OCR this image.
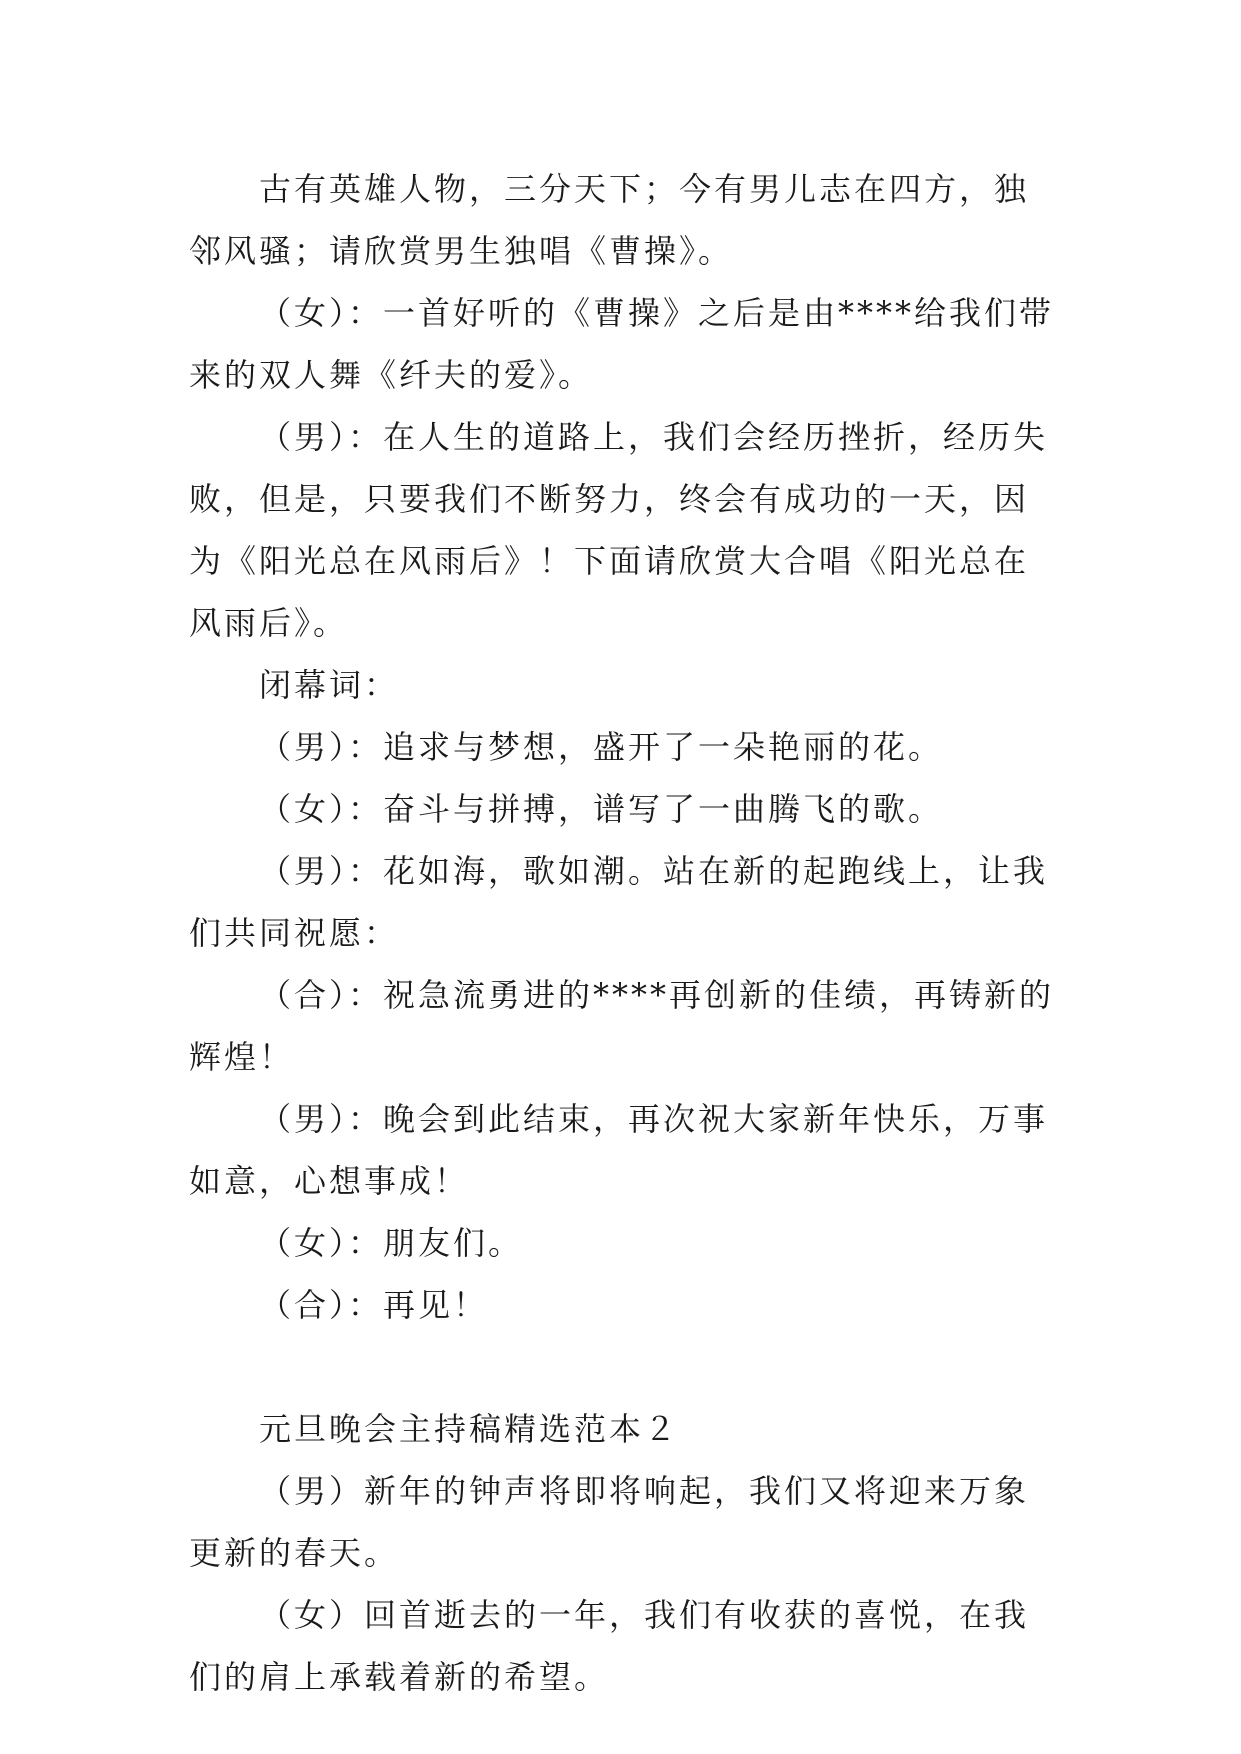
古有英雄人物，三分天下；今有男儿志在四方，独邻风骚；请欣赏男生独唱《曹操》。

（女）：一首好听的《曹操》之后是由****给我们带来的双人舞《纤夫的爱》。

（男）：在人生的道路上，我们会经历挫折，经历失败，但是，只要我们不断努力，终会有成功的一天，因为《阳光总在风雨后》！下面请欣赏大合唱《阳光总在风雨后》。

闭幕词：

（男）：追求与梦想，盛开了一朵艳丽的花。

（女）：奋斗与拼搏，谱写了一曲腾飞的歌。

（男）：花如海，歌如潮。站在新的起跑线上，让我们共同祝愿：

（合）：祝急流勇进的****再创新的佳绩，再铸新的辉煌！

（男）：晚会到此结束，再次祝大家新年快乐，万事如意，心想事成！

（女）：朋友们。

（合）：再见！

元旦晚会主持稿精选范本２

（男）新年的钟声将即将响起，我们又将迎来万象更新的春天。

（女）回首逝去的一年，我们有收获的喜悦，在我们的肩上承载着新的希望。
